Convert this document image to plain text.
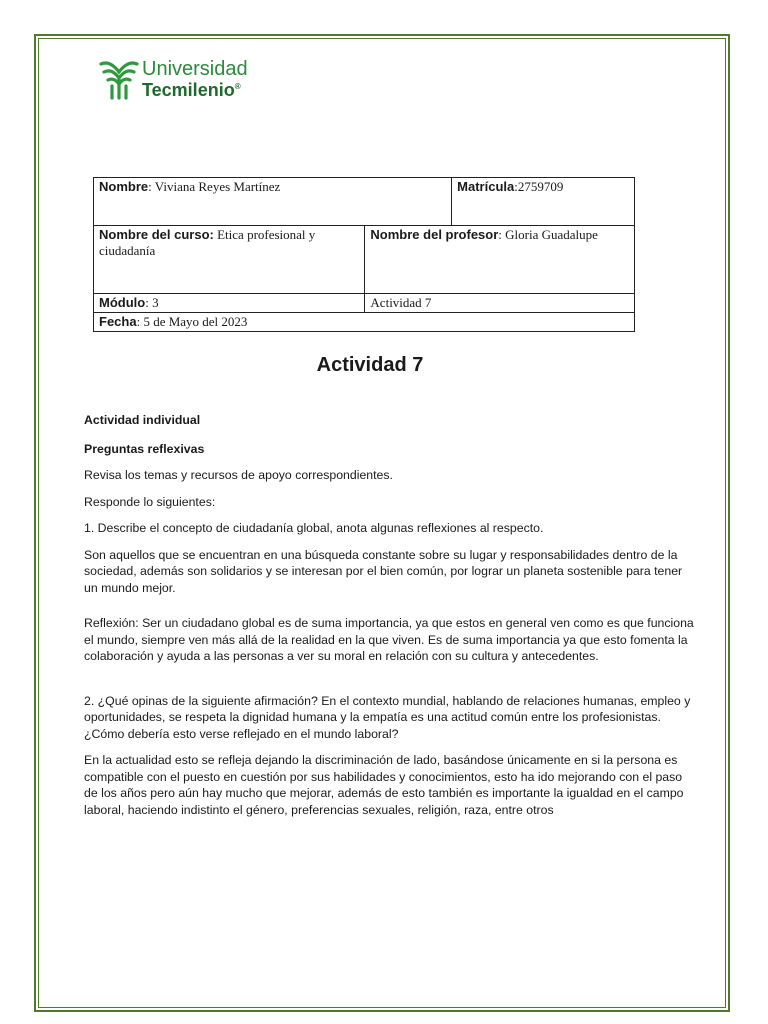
Universidad
Tecmilenio®
Nombre: Viviana Reyes Martínez		Matrícula:2759709
Nombre del curso: Etica profesional y ciudadanía	Nombre del profesor: Gloria Guadalupe	
Módulo: 3	Actividad 7	
Fecha: 5 de Mayo del 2023		
Actividad 7

Actividad individual

Preguntas reflexivas

Revisa los temas y recursos de apoyo correspondientes.

Responde lo siguientes:

1. Describe el concepto de ciudadanía global, anota algunas reflexiones al respecto.

Son aquellos que se encuentran en una búsqueda constante sobre su lugar y responsabilidades dentro de la sociedad, además son solidarios y se interesan por el bien común, por lograr un planeta sostenible para tener un mundo mejor.

Reflexión: Ser un ciudadano global es de suma importancia, ya que estos en general ven como es que funciona el mundo, siempre ven más allá de la realidad en la que viven. Es de suma importancia ya que esto fomenta la colaboración y ayuda a las personas a ver su moral en relación con su cultura y antecedentes.

2. ¿Qué opinas de la siguiente afirmación? En el contexto mundial, hablando de relaciones humanas, empleo y oportunidades, se respeta la dignidad humana y la empatía es una actitud común entre los profesionistas. ¿Cómo debería esto verse reflejado en el mundo laboral?

En la actualidad esto se refleja dejando la discriminación de lado, basándose únicamente en si la persona es compatible con el puesto en cuestión por sus habilidades y conocimientos, esto ha ido mejorando con el paso de los años pero aún hay mucho que mejorar, además de esto también es importante la igualdad en el campo laboral, haciendo indistinto el género, preferencias sexuales, religión, raza, entre otros
